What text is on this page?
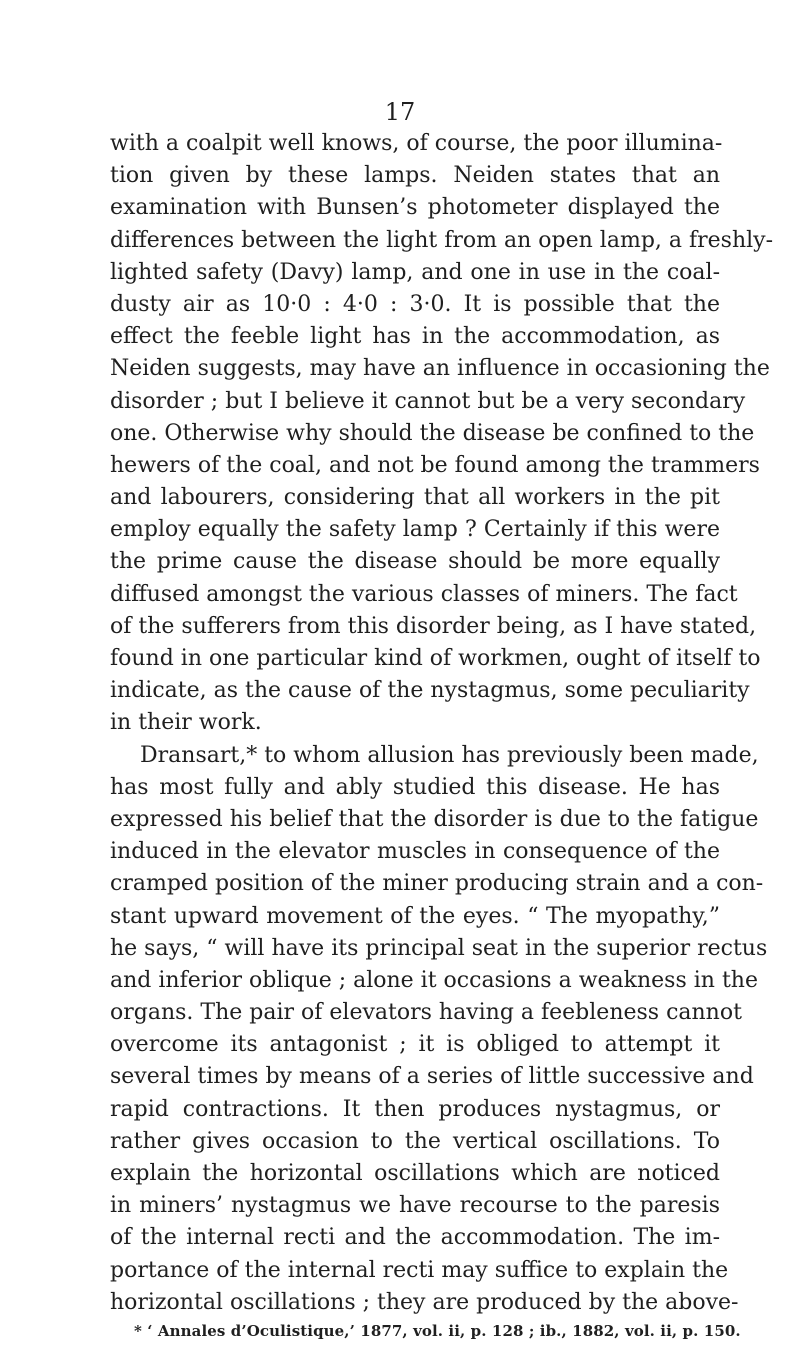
17
with a coalpit well knows, of course, the poor illumina-
tion given by these lamps. Neiden states that an
examination with Bunsen’s photometer displayed the
differences between the light from an open lamp, a freshly-
lighted safety (Davy) lamp, and one in use in the coal-
dusty air as 10·0 : 4·0 : 3·0. It is possible that the
effect the feeble light has in the accommodation, as
Neiden suggests, may have an influence in occasioning the
disorder ; but I believe it cannot but be a very secondary
one. Otherwise why should the disease be confined to the
hewers of the coal, and not be found among the trammers
and labourers, considering that all workers in the pit
employ equally the safety lamp ? Certainly if this were
the prime cause the disease should be more equally
diffused amongst the various classes of miners. The fact
of the sufferers from this disorder being, as I have stated,
found in one particular kind of workmen, ought of itself to
indicate, as the cause of the nystagmus, some peculiarity
in their work.
Dransart,* to whom allusion has previously been made,
has most fully and ably studied this disease. He has
expressed his belief that the disorder is due to the fatigue
induced in the elevator muscles in consequence of the
cramped position of the miner producing strain and a con-
stant upward movement of the eyes. “ The myopathy,”
he says, “ will have its principal seat in the superior rectus
and inferior oblique ; alone it occasions a weakness in the
organs. The pair of elevators having a feebleness cannot
overcome its antagonist ; it is obliged to attempt it
several times by means of a series of little successive and
rapid contractions. It then produces nystagmus, or
rather gives occasion to the vertical oscillations. To
explain the horizontal oscillations which are noticed
in miners’ nystagmus we have recourse to the paresis
of the internal recti and the accommodation. The im-
portance of the internal recti may suffice to explain the
horizontal oscillations ; they are produced by the above-
* ‘ Annales d’Oculistique,’ 1877, vol. ii, p. 128 ; ib., 1882, vol. ii, p. 150.
